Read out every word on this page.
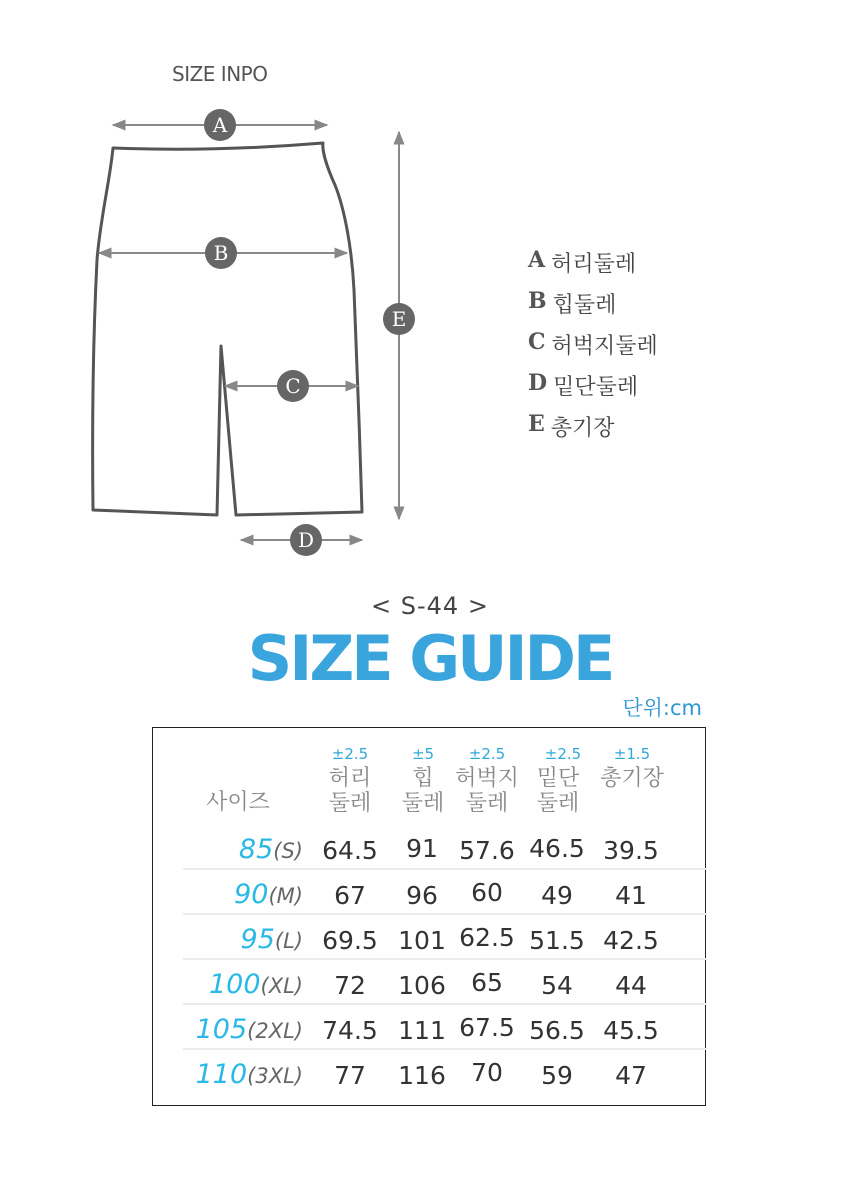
SIZE INPO
A
B
C
D
E
A 허리둘레
B 힙둘레
C 허벅지둘레
D 밑단둘레
E 총기장
< S-44 >
SIZE GUIDE
단위:cm
사이즈
±2.5
허리
둘레
±5
힙
둘레
±2.5
허벅지
둘레
±2.5
밑단
둘레
±1.5
총기장
85(S) 64.5	91 57.6 46.5 39.5
90(M)	67	96	60	49	41
95(L) 69.5 101 62.5 51.5 42.5
100(XL)	72	106	65	54	44
105(2XL) 74.5 111 67.5 56.5 45.5
110(3XL)	77	116	70	59	47
